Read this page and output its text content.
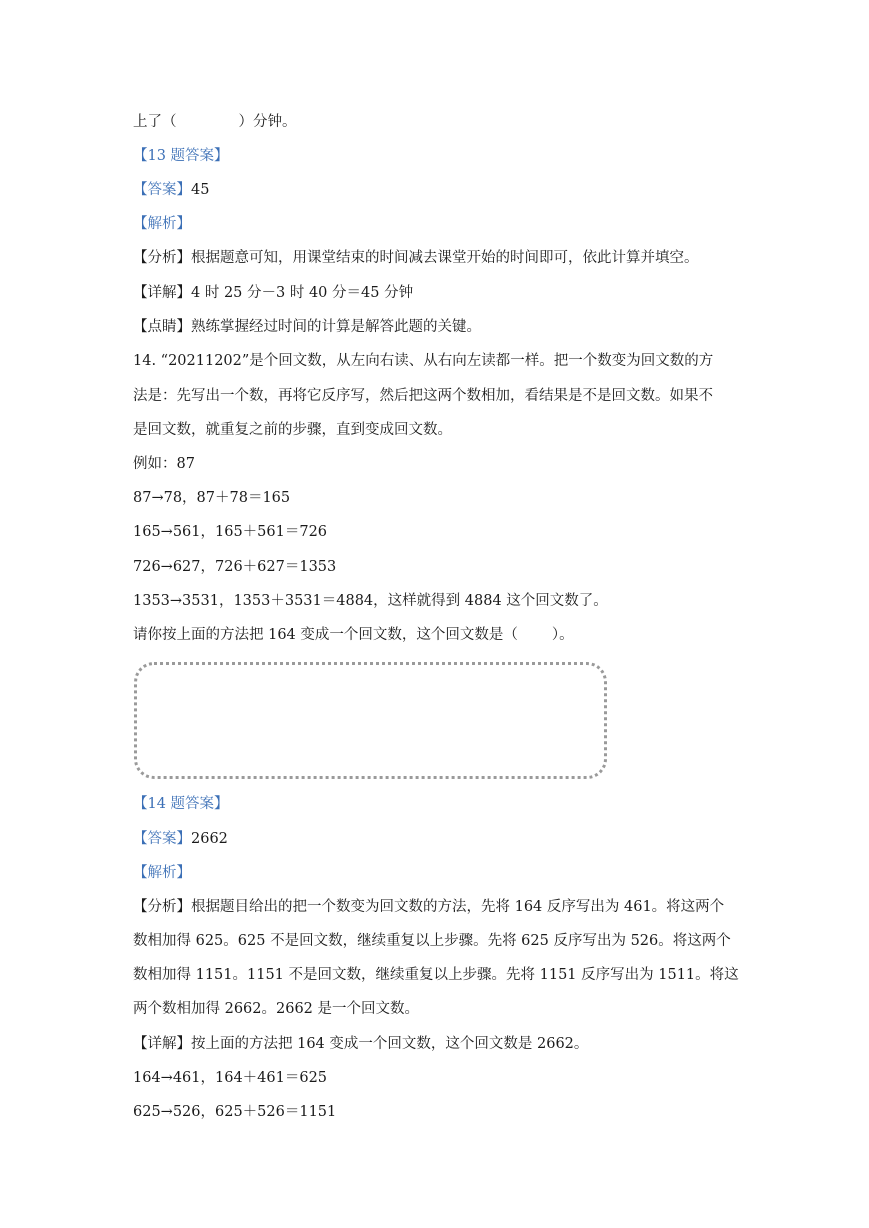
上了（	）分钟。
【13 题答案】
【答案】45
【解析】
【分析】根据题意可知，用课堂结束的时间减去课堂开始的时间即可，依此计算并填空。
【详解】4 时 25 分－3 时 40 分＝45 分钟
【点睛】熟练掌握经过时间的计算是解答此题的关键。
14. “20211202”是个回文数，从左向右读、从右向左读都一样。把一个数变为回文数的方
法是：先写出一个数，再将它反序写，然后把这两个数相加，看结果是不是回文数。如果不
是回文数，就重复之前的步骤，直到变成回文数。
例如：87
87→78，87＋78＝165
165→561，165＋561＝726
726→627，726＋627＝1353
1353→3531，1353＋3531＝4884，这样就得到 4884 这个回文数了。
请你按上面的方法把 164 变成一个回文数，这个回文数是（ ）。
【14 题答案】
【答案】2662
【解析】
【分析】根据题目给出的把一个数变为回文数的方法，先将 164 反序写出为 461。将这两个
数相加得 625。625 不是回文数，继续重复以上步骤。先将 625 反序写出为 526。将这两个
数相加得 1151。1151 不是回文数，继续重复以上步骤。先将 1151 反序写出为 1511。将这
两个数相加得 2662。2662 是一个回文数。
【详解】按上面的方法把 164 变成一个回文数，这个回文数是 2662。
164→461，164＋461＝625
625→526，625＋526＝1151
